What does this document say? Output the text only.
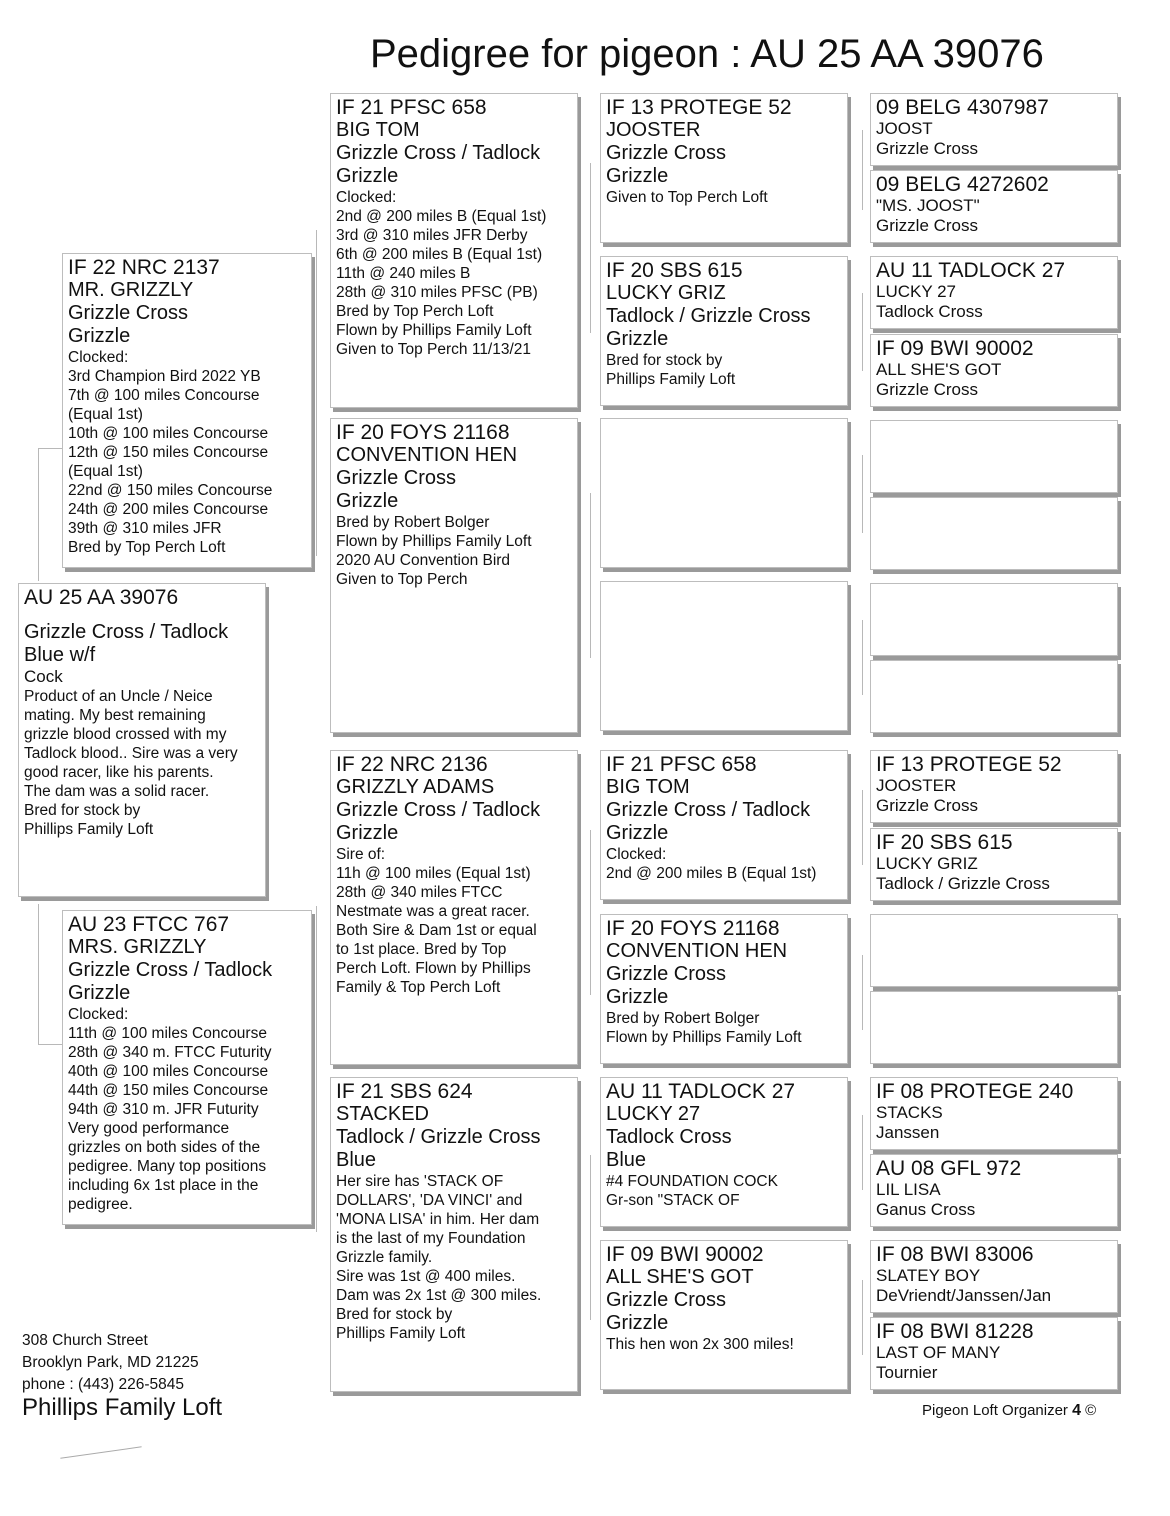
Pedigree for pigeon : AU 25 AA 39076
AU 25 AA 39076
Grizzle Cross / Tadlock
Blue w/f
Cock
Product of an Uncle / Neice
mating. My best remaining
grizzle blood crossed with my
Tadlock blood.. Sire was a very
good racer, like his parents.
The dam was a solid racer.
Bred for stock by
Phillips Family Loft
IF 22 NRC 2137
MR. GRIZZLY
Grizzle Cross
Grizzle
Clocked:
3rd Champion Bird 2022 YB
7th @ 100 miles Concourse
(Equal 1st)
10th @ 100 miles Concourse
12th @ 150 miles Concourse
(Equal 1st)
22nd @ 150 miles Concourse
24th @ 200 miles Concourse
39th @ 310 miles JFR
Bred by Top Perch Loft
AU 23 FTCC 767
MRS. GRIZZLY
Grizzle Cross / Tadlock
Grizzle
Clocked:
11th @ 100 miles Concourse
28th @ 340 m. FTCC Futurity
40th @ 100 miles Concourse
44th @ 150 miles Concourse
94th @ 310 m. JFR Futurity
Very good performance
grizzles on both sides of the
pedigree. Many top positions
including 6x 1st place in the
pedigree.
IF 21 PFSC 658
BIG TOM
Grizzle Cross / Tadlock
Grizzle
Clocked:
2nd @ 200 miles B (Equal 1st)
3rd @ 310 miles JFR Derby
6th @ 200 miles B (Equal 1st)
11th @ 240 miles B
28th @ 310 miles PFSC (PB)
Bred by Top Perch Loft
Flown by Phillips Family Loft
Given to Top Perch 11/13/21
IF 20 FOYS 21168
CONVENTION HEN
Grizzle Cross
Grizzle
Bred by Robert Bolger
Flown by Phillips Family Loft
2020 AU Convention Bird
Given to Top Perch
IF 22 NRC 2136
GRIZZLY ADAMS
Grizzle Cross / Tadlock
Grizzle
Sire of:
11h @ 100 miles (Equal 1st)
28th @ 340 miles FTCC
Nestmate was a great racer.
Both Sire & Dam 1st or equal
to 1st place. Bred by Top
Perch Loft. Flown by Phillips
Family & Top Perch Loft
IF 21 SBS 624
STACKED
Tadlock / Grizzle Cross
Blue
Her sire has 'STACK OF
DOLLARS', 'DA VINCI' and
'MONA LISA' in him. Her dam
is the last of my Foundation
Grizzle family.
Sire was 1st @ 400 miles.
Dam was 2x 1st @ 300 miles.
Bred for stock by
Phillips Family Loft
IF 13 PROTEGE 52
JOOSTER
Grizzle Cross
Grizzle
Given to Top Perch Loft
IF 20 SBS 615
LUCKY GRIZ
Tadlock / Grizzle Cross
Grizzle
Bred for stock by
Phillips Family Loft
IF 21 PFSC 658
BIG TOM
Grizzle Cross / Tadlock
Grizzle
Clocked:
2nd @ 200 miles B (Equal 1st)
IF 20 FOYS 21168
CONVENTION HEN
Grizzle Cross
Grizzle
Bred by Robert Bolger
Flown by Phillips Family Loft
AU 11 TADLOCK 27
LUCKY 27
Tadlock Cross
Blue
#4 FOUNDATION COCK
Gr-son "STACK OF
IF 09 BWI 90002
ALL SHE'S GOT
Grizzle Cross
Grizzle
This hen won 2x 300 miles!
09 BELG 4307987
JOOST
Grizzle Cross
09 BELG 4272602
"MS. JOOST"
Grizzle Cross
AU 11 TADLOCK 27
LUCKY 27
Tadlock Cross
IF 09 BWI 90002
ALL SHE'S GOT
Grizzle Cross
IF 13 PROTEGE 52
JOOSTER
Grizzle Cross
IF 20 SBS 615
LUCKY GRIZ
Tadlock / Grizzle Cross
IF 08 PROTEGE 240
STACKS
Janssen
AU 08 GFL 972
LIL LISA
Ganus Cross
IF 08 BWI 83006
SLATEY BOY
DeVriendt/Janssen/Jan
IF 08 BWI 81228
LAST OF MANY
Tournier
308 Church Street
Brooklyn Park, MD 21225
phone : (443) 226-5845
Phillips Family Loft	Pigeon Loft Organizer 4 ©
